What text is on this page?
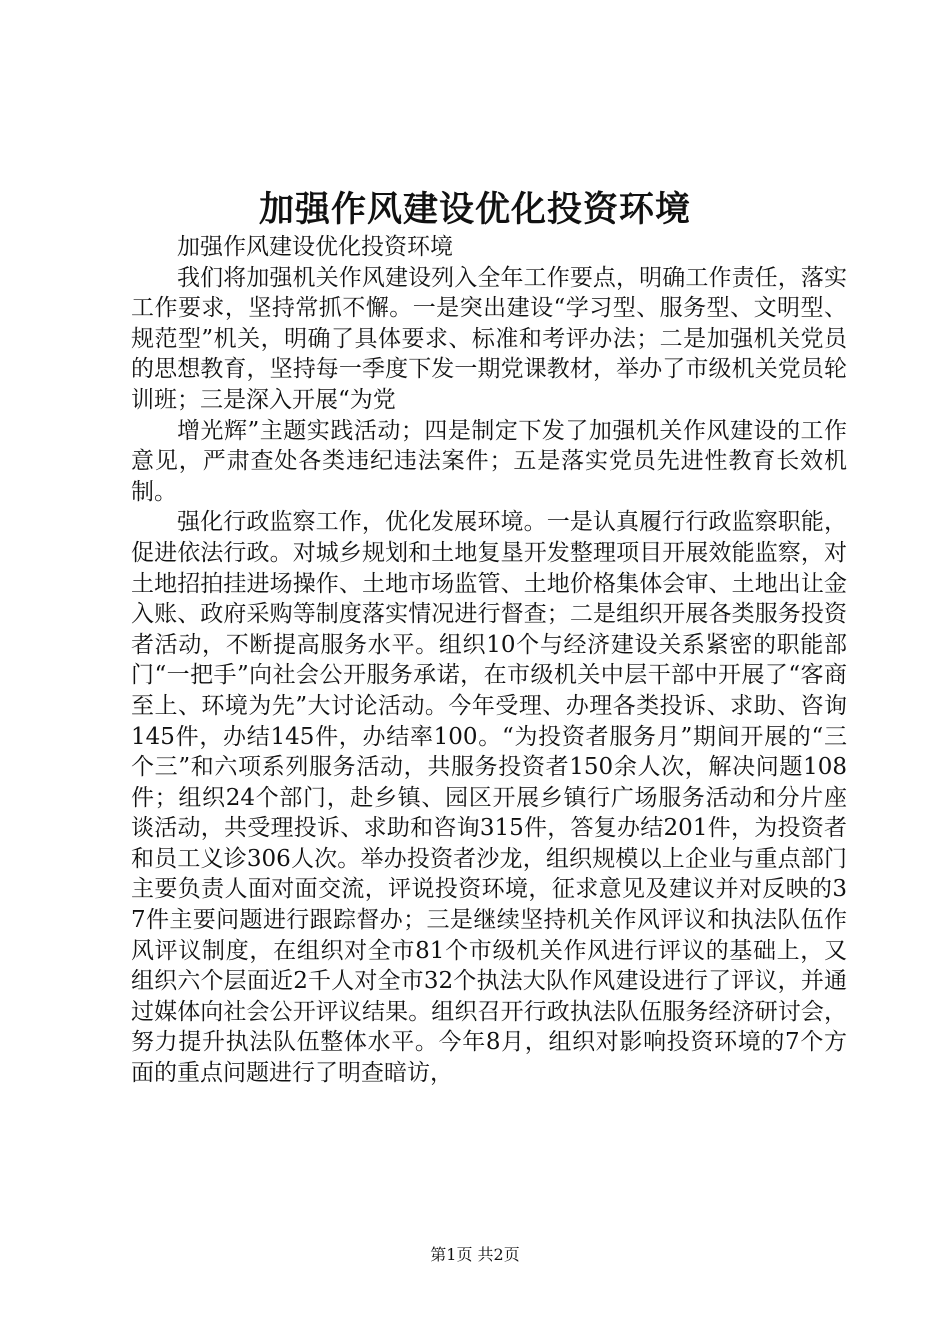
加强作风建设优化投资环境

加强作风建设优化投资环境

我们将加强机关作风建设列入全年工作要点，明确工作责任，落实工作要求，坚持常抓不懈。一是突出建设“学习型、服务型、文明型、规范型”机关，明确了具体要求、标准和考评办法；二是加强机关党员的思想教育，坚持每一季度下发一期党课教材，举办了市级机关党员轮训班；三是深入开展“为党

增光辉”主题实践活动；四是制定下发了加强机关作风建设的工作意见，严肃查处各类违纪违法案件；五是落实党员先进性教育长效机制。

强化行政监察工作，优化发展环境。一是认真履行行政监察职能，促进依法行政。对城乡规划和土地复垦开发整理项目开展效能监察，对土地招拍挂进场操作、土地市场监管、土地价格集体会审、土地出让金入账、政府采购等制度落实情况进行督查；二是组织开展各类服务投资者活动，不断提高服务水平。组织10个与经济建设关系紧密的职能部门“一把手”向社会公开服务承诺，在市级机关中层干部中开展了“客商至上、环境为先”大讨论活动。今年受理、办理各类投诉、求助、咨询145件，办结145件，办结率100。“为投资者服务月”期间开展的“三个三”和六项系列服务活动，共服务投资者150余人次，解决问题108件；组织24个部门，赴乡镇、园区开展乡镇行广场服务活动和分片座谈活动，共受理投诉、求助和咨询315件，答复办结201件，为投资者和员工义诊306人次。举办投资者沙龙，组织规模以上企业与重点部门主要负责人面对面交流，评说投资环境，征求意见及建议并对反映的37件主要问题进行跟踪督办；三是继续坚持机关作风评议和执法队伍作风评议制度，在组织对全市81个市级机关作风进行评议的基础上，又组织六个层面近2千人对全市32个执法大队作风建设进行了评议，并通过媒体向社会公开评议结果。组织召开行政执法队伍服务经济研讨会，努力提升执法队伍整体水平。今年8月，组织对影响投资环境的7个方面的重点问题进行了明查暗访，

第1页 共2页
